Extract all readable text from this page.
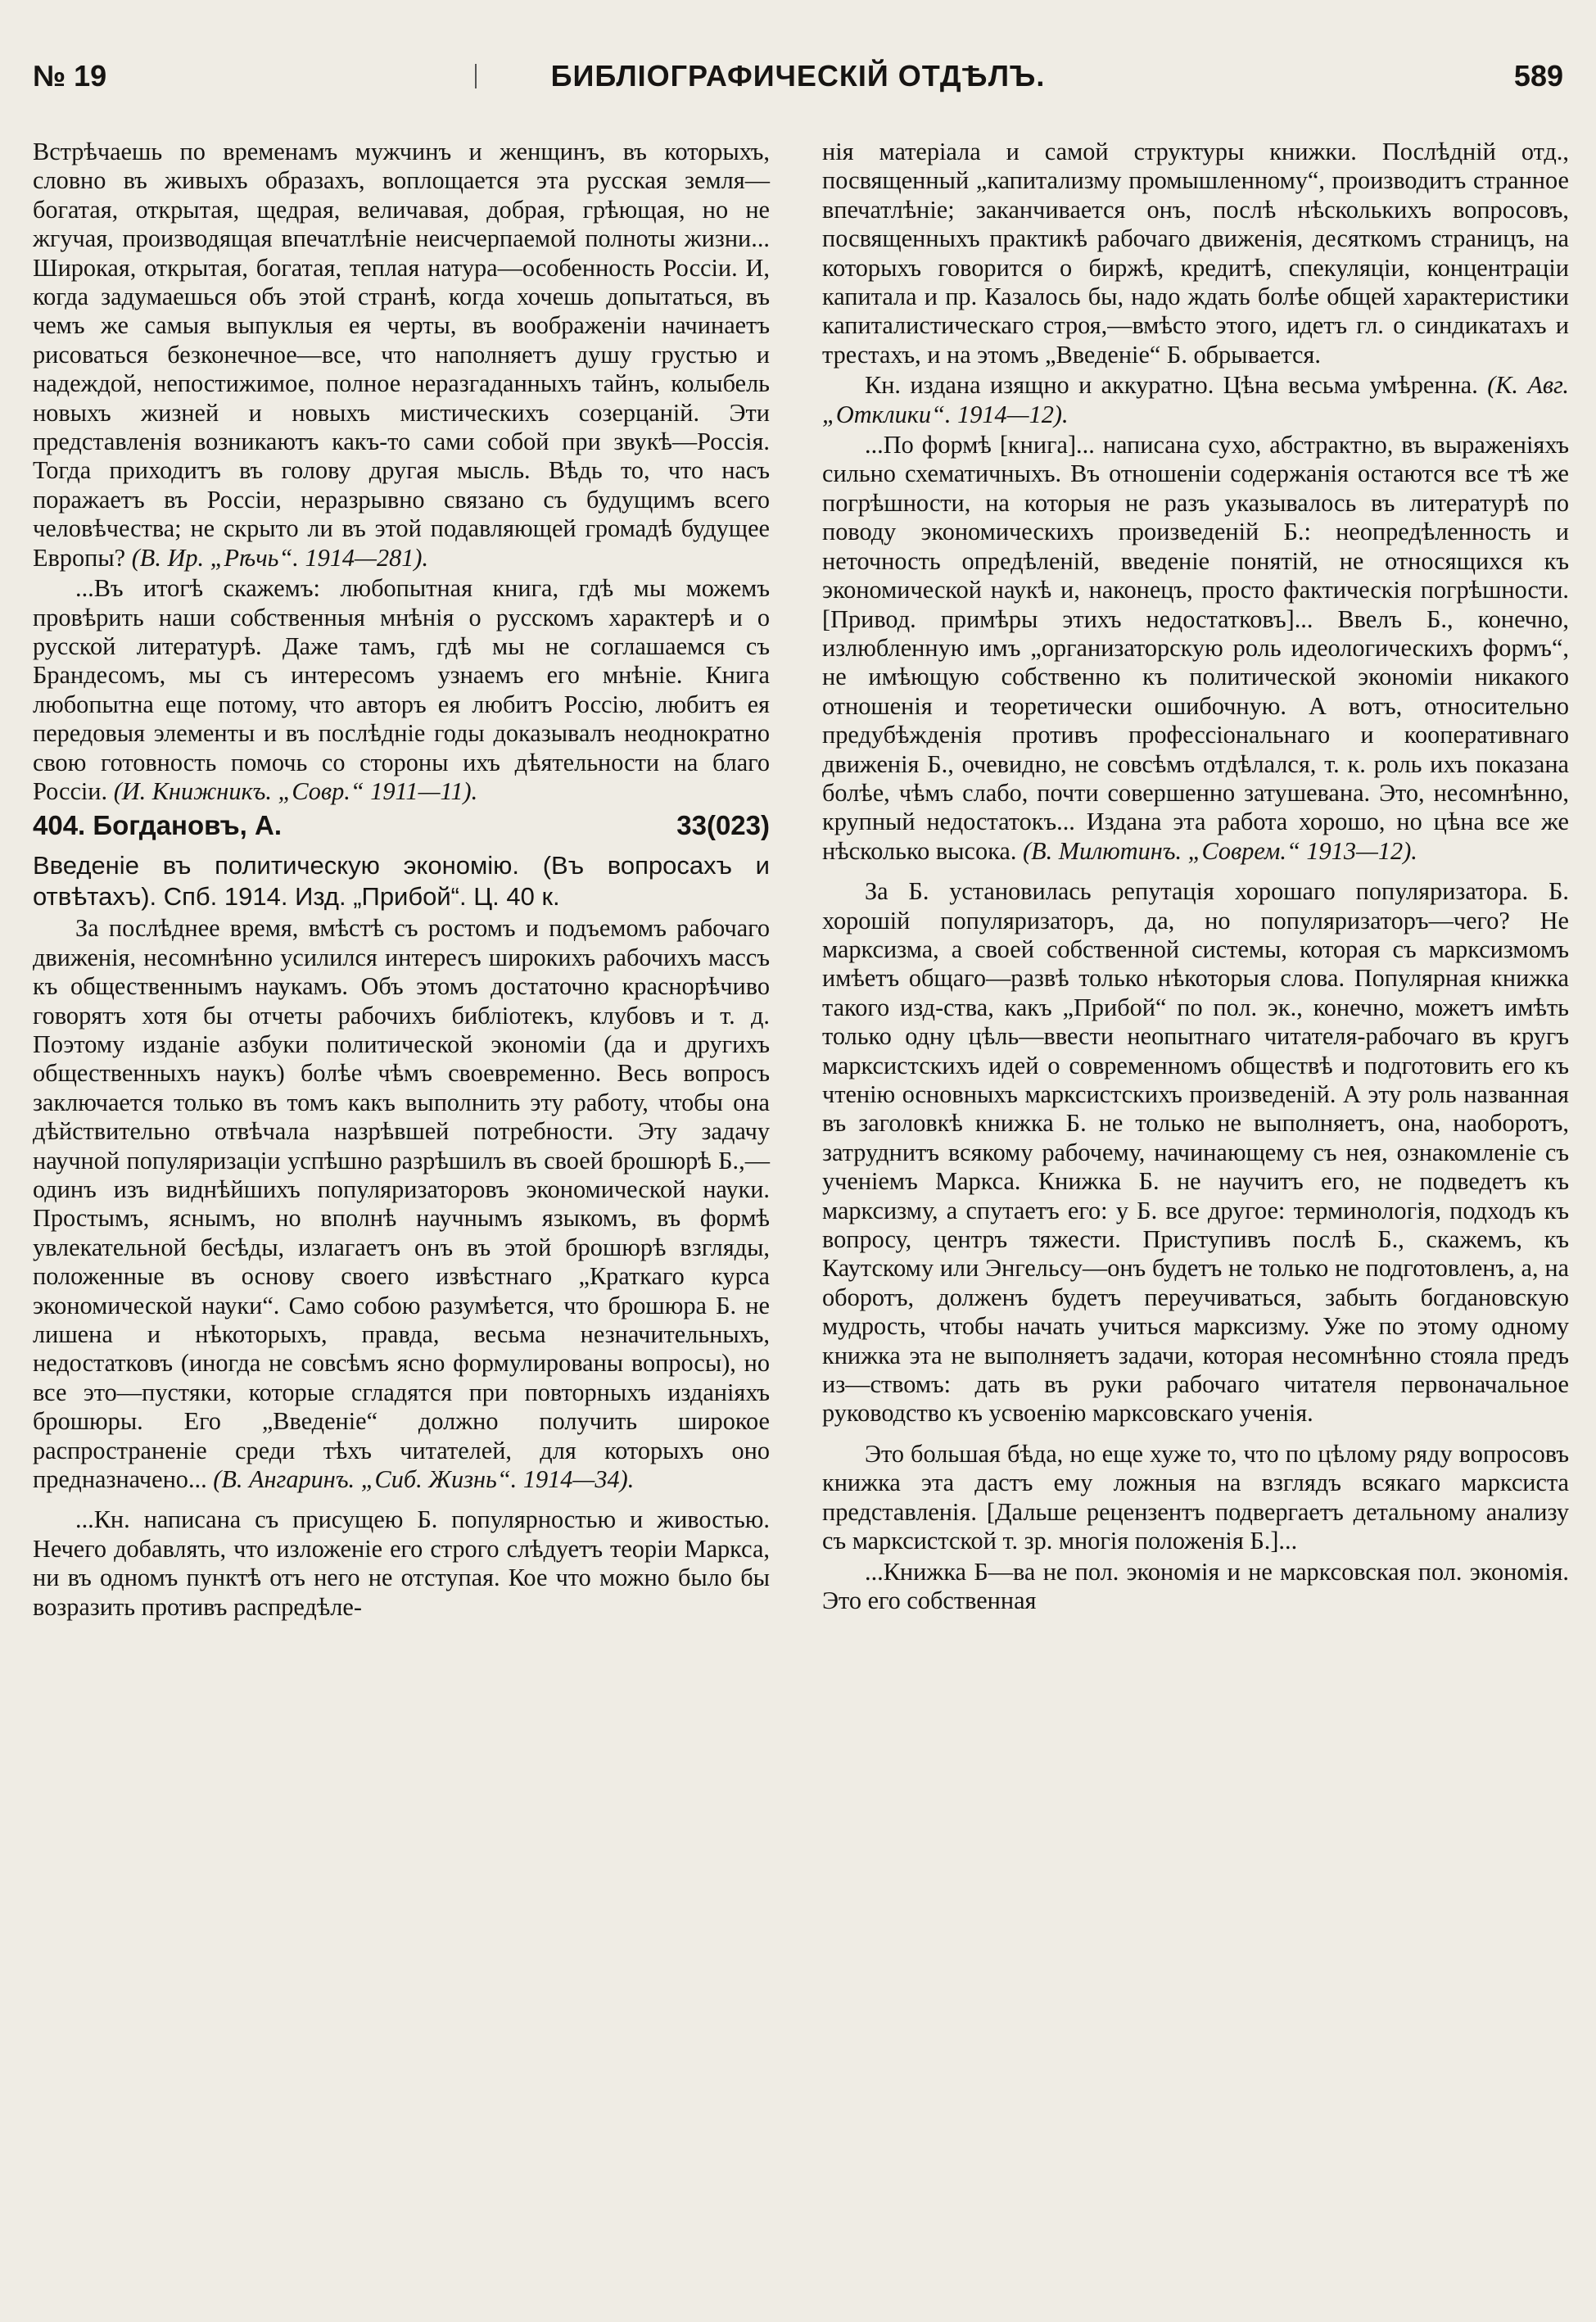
№ 19	БИБЛІОГРАФИЧЕСКІЙ ОТДѢЛЪ.	589

Встрѣчаешь по временамъ мужчинъ и женщинъ, въ которыхъ, словно въ живыхъ образахъ, воплощается эта русская земля—богатая, открытая, щедрая, величавая, добрая, грѣющая, но не жгучая, производящая впечатлѣніе неисчерпаемой полноты жизни... Широкая, открытая, богатая, теплая натура—особенность Россіи. И, когда задумаешься объ этой странѣ, когда хочешь допытаться, въ чемъ же самыя выпуклыя ея черты, въ воображеніи начинаетъ рисоваться безконечное—все, что наполняетъ душу грустью и надеждой, непостижимое, полное неразгаданныхъ тайнъ, колыбель новыхъ жизней и новыхъ мистическихъ созерцаній. Эти представленія возникаютъ какъ-то сами собой при звукѣ—Россія. Тогда приходитъ въ голову другая мысль. Вѣдь то, что насъ поражаетъ въ Россіи, неразрывно связано съ будущимъ всего человѣчества; не скрыто ли въ этой подавляющей громадѣ будущее Европы? (В. Ир. „Рѣчь“. 1914—281).

...Въ итогѣ скажемъ: любопытная книга, гдѣ мы можемъ провѣрить наши собственныя мнѣнія о русскомъ характерѣ и о русской литературѣ. Даже тамъ, гдѣ мы не соглашаемся съ Брандесомъ, мы съ интересомъ узнаемъ его мнѣніе. Книга любопытна еще потому, что авторъ ея любитъ Россію, любитъ ея передовыя элементы и въ послѣдніе годы доказывалъ неоднократно свою готовность помочь со стороны ихъ дѣятельности на благо Россіи. (И. Книжникъ. „Совр.“ 1911—11).

404. Богдановъ, А.	33(023)

Введеніе въ политическую экономію. (Въ вопросахъ и отвѣтахъ). Спб. 1914. Изд. „Прибой“. Ц. 40 к.

За послѣднее время, вмѣстѣ съ ростомъ и подъемомъ рабочаго движенія, несомнѣнно усилился интересъ широкихъ рабочихъ массъ къ общественнымъ наукамъ. Объ этомъ достаточно краснорѣчиво говорятъ хотя бы отчеты рабочихъ библіотекъ, клубовъ и т. д. Поэтому изданіе азбуки политической экономіи (да и другихъ общественныхъ наукъ) болѣе чѣмъ своевременно. Весь вопросъ заключается только въ томъ какъ выполнить эту работу, чтобы она дѣйствительно отвѣчала назрѣвшей потребности. Эту задачу научной популяризаціи успѣшно разрѣшилъ въ своей брошюрѣ Б.,—одинъ изъ виднѣйшихъ популяризаторовъ экономической науки. Простымъ, яснымъ, но вполнѣ научнымъ языкомъ, въ формѣ увлекательной бесѣды, излагаетъ онъ въ этой брошюрѣ взгляды, положенные въ основу своего извѣстнаго „Краткаго курса экономической науки“. Само собою разумѣется, что брошюра Б. не лишена и нѣкоторыхъ, правда, весьма незначительныхъ, недостатковъ (иногда не совсѣмъ ясно формулированы вопросы), но все это—пустяки, которые сгладятся при повторныхъ изданіяхъ брошюры. Его „Введеніе“ должно получить широкое распространеніе среди тѣхъ читателей, для которыхъ оно предназначено... (В. Ангаринъ. „Сиб. Жизнь“. 1914—34).

...Кн. написана съ присущею Б. популярностью и живостью. Нечего добавлять, что изложеніе его строго слѣдуетъ теоріи Маркса, ни въ одномъ пунктѣ отъ него не отступая. Кое что можно было бы возразить противъ распредѣле-

нія матеріала и самой структуры книжки. Послѣдній отд., посвященный „капитализму промышленному“, производитъ странное впечатлѣніе; заканчивается онъ, послѣ нѣсколькихъ вопросовъ, посвященныхъ практикѣ рабочаго движенія, десяткомъ страницъ, на которыхъ говорится о биржѣ, кредитѣ, спекуляціи, концентраціи капитала и пр. Казалось бы, надо ждать болѣе общей характеристики капиталистическаго строя,—вмѣсто этого, идетъ гл. о синдикатахъ и трестахъ, и на этомъ „Введеніе“ Б. обрывается.

Кн. издана изящно и аккуратно. Цѣна весьма умѣренна. (К. Авг. „Отклики“. 1914—12).

...По формѣ [книга]... написана сухо, абстрактно, въ выраженіяхъ сильно схематичныхъ. Въ отношеніи содержанія остаются все тѣ же погрѣшности, на которыя не разъ указывалось въ литературѣ по поводу экономическихъ произведеній Б.: неопредѣленность и неточность опредѣленій, введеніе понятій, не относящихся къ экономической наукѣ и, наконецъ, просто фактическія погрѣшности. [Привод. примѣры этихъ недостатковъ]... Ввелъ Б., конечно, излюбленную имъ „организаторскую роль идеологическихъ формъ“, не имѣющую собственно къ политической экономіи никакого отношенія и теоретически ошибочную. А вотъ, относительно предубѣжденія противъ профессіональнаго и кооперативнаго движенія Б., очевидно, не совсѣмъ отдѣлался, т. к. роль ихъ показана болѣе, чѣмъ слабо, почти совершенно затушевана. Это, несомнѣнно, крупный недостатокъ... Издана эта работа хорошо, но цѣна все же нѣсколько высока. (В. Милютинъ. „Соврем.“ 1913—12).

За Б. установилась репутація хорошаго популяризатора. Б. хорошій популяризаторъ, да, но популяризаторъ—чего? Не марксизма, а своей собственной системы, которая съ марксизмомъ имѣетъ общаго—развѣ только нѣкоторыя слова. Популярная книжка такого изд-ства, какъ „Прибой“ по пол. эк., конечно, можетъ имѣть только одну цѣль—ввести неопытнаго читателя-рабочаго въ кругъ марксистскихъ идей о современномъ обществѣ и подготовить его къ чтенію основныхъ марксистскихъ произведеній. А эту роль названная въ заголовкѣ книжка Б. не только не выполняетъ, она, наоборотъ, затруднитъ всякому рабочему, начинающему съ нея, ознакомленіе съ ученіемъ Маркса. Книжка Б. не научитъ его, не подведетъ къ марксизму, а спутаетъ его: у Б. все другое: терминологія, подходъ къ вопросу, центръ тяжести. Приступивъ послѣ Б., скажемъ, къ Каутскому или Энгельсу—онъ будетъ не только не подготовленъ, а, на оборотъ, долженъ будетъ переучиваться, забыть богдановскую мудрость, чтобы начать учиться марксизму. Уже по этому одному книжка эта не выполняетъ задачи, которая несомнѣнно стояла предъ из—ствомъ: дать въ руки рабочаго читателя первоначальное руководство къ усвоенію марксовскаго ученія.

Это большая бѣда, но еще хуже то, что по цѣлому ряду вопросовъ книжка эта дастъ ему ложныя на взглядъ всякаго марксиста представленія. [Дальше рецензентъ подвергаетъ детальному анализу съ марксистской т. зр. многія положенія Б.]...

...Книжка Б—ва не пол. экономія и не марксовская пол. экономія. Это его собственная
